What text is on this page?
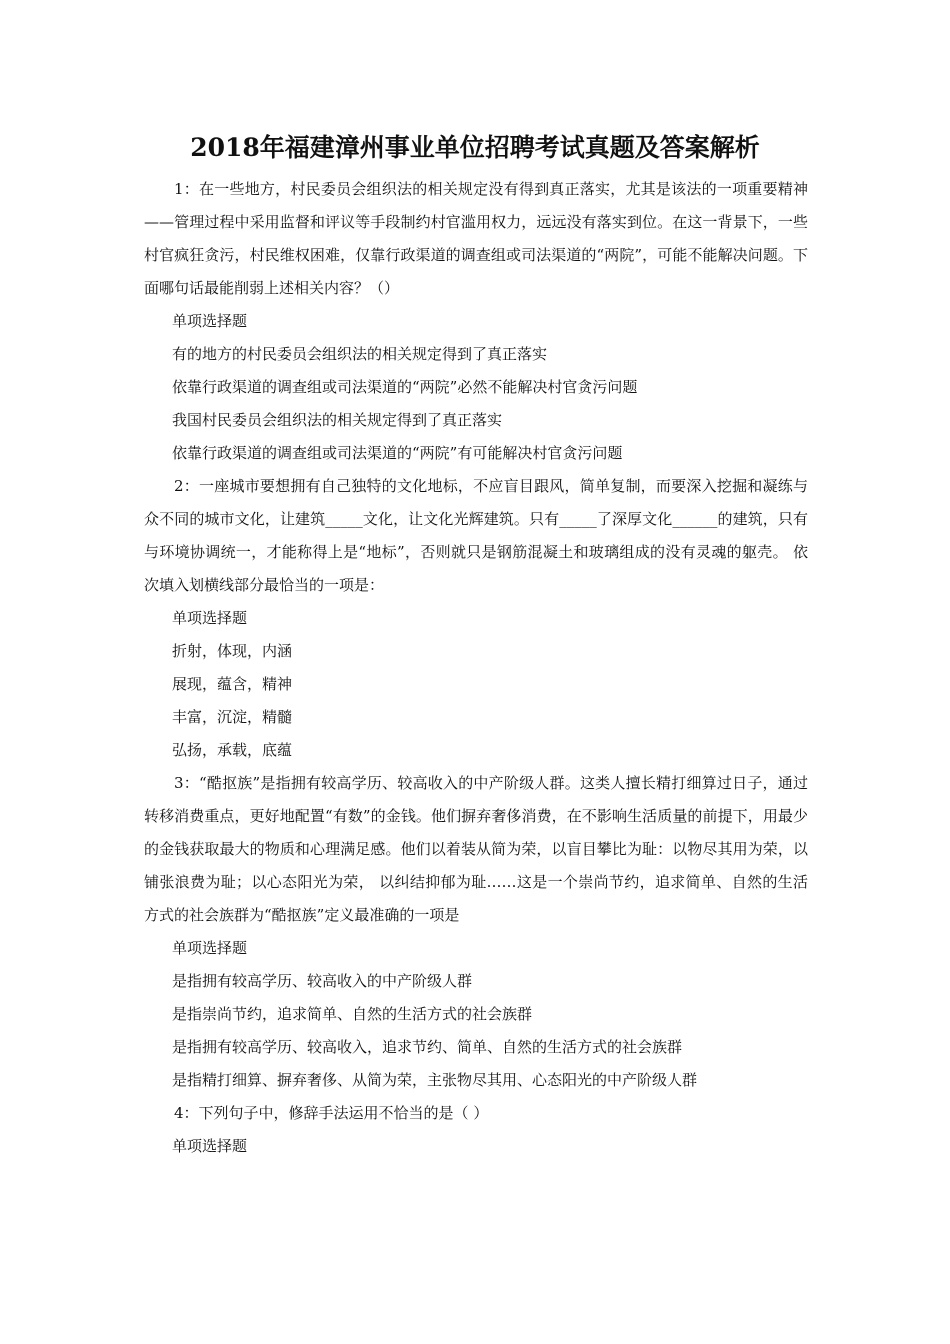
2018年福建漳州事业单位招聘考试真题及答案解析

1：在一些地方，村民委员会组织法的相关规定没有得到真正落实，尤其是该法的一项重要精神——管理过程中采用监督和评议等手段制约村官滥用权力，远远没有落实到位。在这一背景下，一些村官疯狂贪污，村民维权困难，仅靠行政渠道的调查组或司法渠道的“两院”，可能不能解决问题。下面哪句话最能削弱上述相关内容？（）

单项选择题

有的地方的村民委员会组织法的相关规定得到了真正落实

依靠行政渠道的调查组或司法渠道的“两院”必然不能解决村官贪污问题

我国村民委员会组织法的相关规定得到了真正落实

依靠行政渠道的调查组或司法渠道的“两院”有可能解决村官贪污问题

2：一座城市要想拥有自己独特的文化地标，不应盲目跟风，简单复制，而要深入挖掘和凝练与众不同的城市文化，让建筑_____文化，让文化光辉建筑。只有_____了深厚文化______的建筑，只有与环境协调统一，才能称得上是“地标”，否则就只是钢筋混凝土和玻璃组成的没有灵魂的躯壳。 依次填入划横线部分最恰当的一项是：

单项选择题

折射，体现，内涵

展现，蕴含，精神

丰富，沉淀，精髓

弘扬，承载，底蕴

3：“酷抠族”是指拥有较高学历、较高收入的中产阶级人群。这类人擅长精打细算过日子，通过转移消费重点，更好地配置“有数”的金钱。他们摒弃奢侈消费，在不影响生活质量的前提下，用最少的金钱获取最大的物质和心理满足感。他们以着装从简为荣，以盲目攀比为耻：以物尽其用为荣，以铺张浪费为耻；以心态阳光为荣， 以纠结抑郁为耻……这是一个崇尚节约，追求简单、自然的生活方式的社会族群为“酷抠族”定义最准确的一项是

单项选择题

是指拥有较高学历、较高收入的中产阶级人群

是指崇尚节约，追求简单、自然的生活方式的社会族群

是指拥有较高学历、较高收入，追求节约、简单、自然的生活方式的社会族群

是指精打细算、摒弃奢侈、从简为荣，主张物尽其用、心态阳光的中产阶级人群

4：下列句子中，修辞手法运用不恰当的是（ ）

单项选择题
